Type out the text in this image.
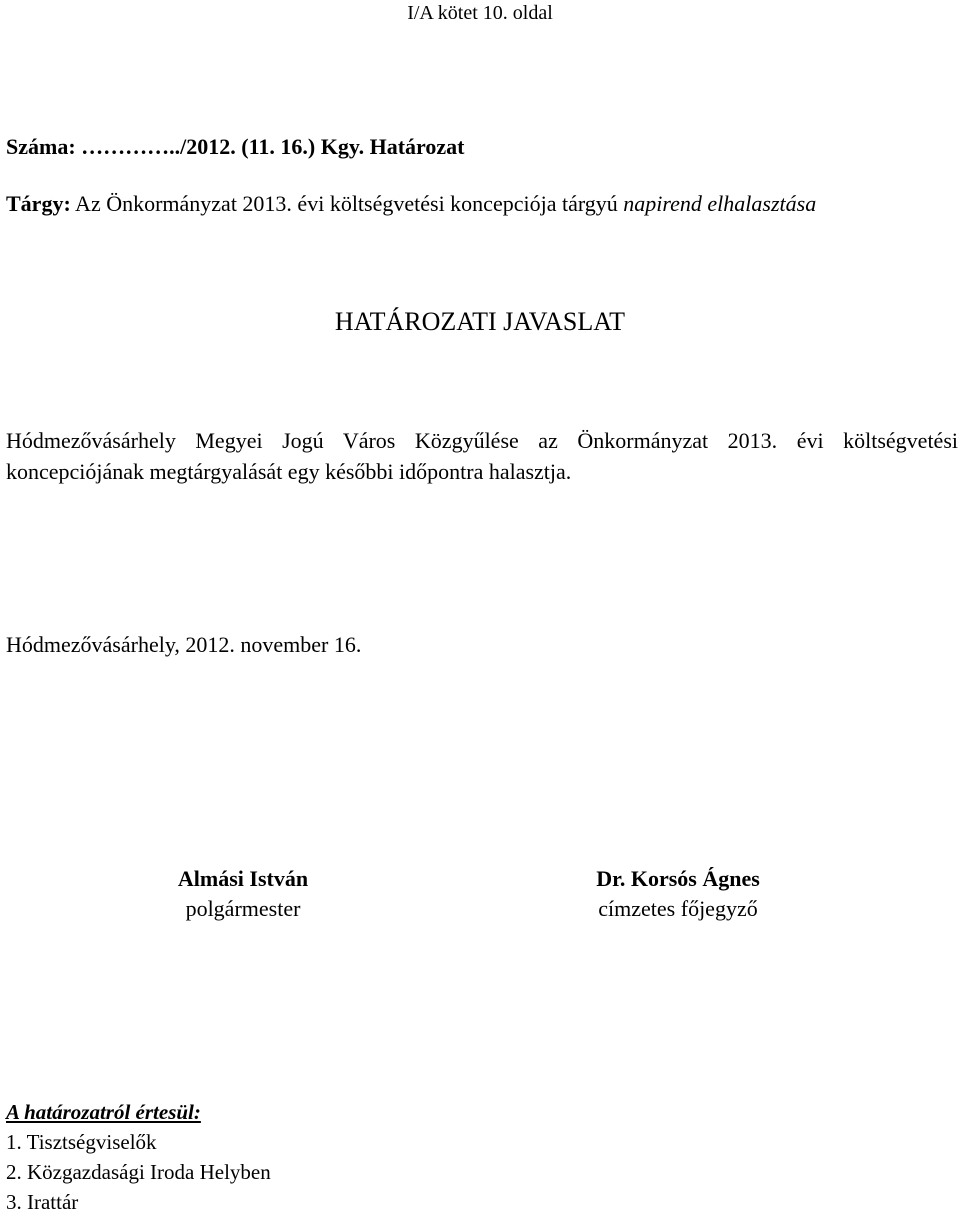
I/A kötet 10. oldal
Száma: …………../2012. (11. 16.) Kgy. Határozat
Tárgy: Az Önkormányzat 2013. évi költségvetési koncepciója tárgyú napirend elhalasztása
HATÁROZATI JAVASLAT
Hódmezővásárhely Megyei Jogú Város Közgyűlése az Önkormányzat 2013. évi költségvetési
koncepciójának megtárgyalását egy későbbi időpontra halasztja.
Hódmezővásárhely, 2012. november 16.
Almási István
polgármester
Dr. Korsós Ágnes
címzetes főjegyző
A határozatról értesül:
1. Tisztségviselők
2. Közgazdasági Iroda Helyben
3. Irattár
